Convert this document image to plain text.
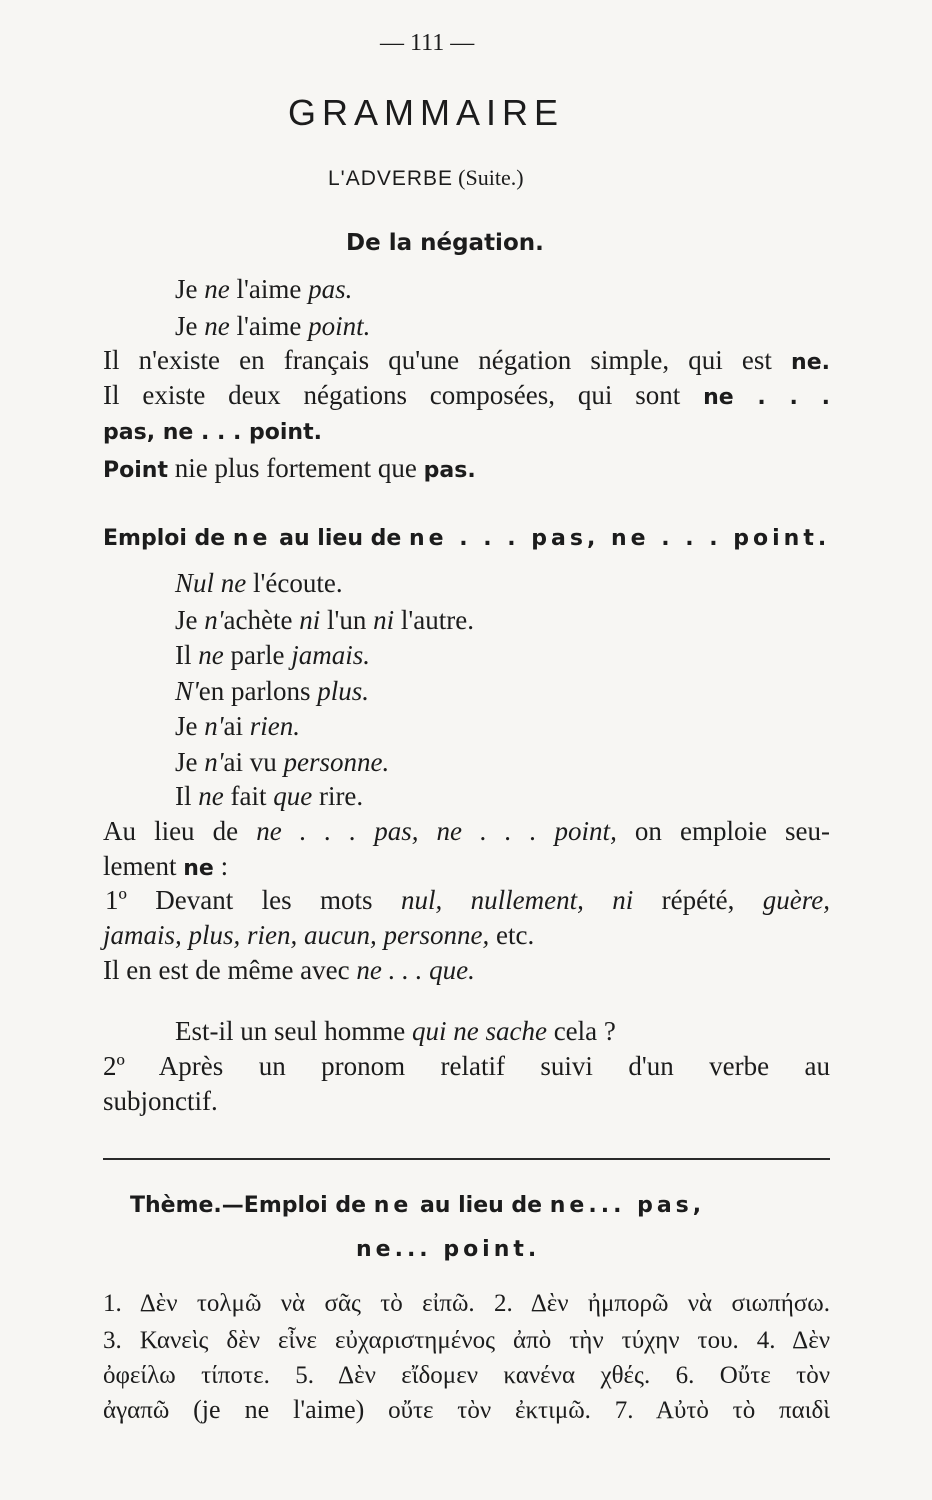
— 111 —
GRAMMAIRE
L'ADVERBE (Suite.)
De la négation.
Je ne l'aime pas.
Je ne l'aime point.
Il n'existe en français qu'une négation simple, qui est ne.
Il existe deux négations composées, qui sont ne . . .
pas, ne . . . point.
Point nie plus fortement que pas.
Emploi de ne au lieu de ne . . . pas, ne . . . point.
Nul ne l'écoute.
Je n'achète ni l'un ni l'autre.
Il ne parle jamais.
N'en parlons plus.
Je n'ai rien.
Je n'ai vu personne.
Il ne fait que rire.
Au lieu de ne . . . pas, ne . . . point, on emploie seu-
lement ne :
1º Devant les mots nul, nullement, ni répété, guère,
jamais, plus, rien, aucun, personne, etc.
Il en est de même avec ne . . . que.
Est-il un seul homme qui ne sache cela ?
2º Après un pronom relatif suivi d'un verbe au
subjonctif.
Thème.—Emploi de ne au lieu de ne... pas,
ne... point.
1. Δὲν τολμῶ νὰ σᾶς τὸ εἰπῶ. 2. Δὲν ἠμπορῶ νὰ σιωπήσω.
3. Κανεὶς δὲν εἶνε εὐχαριστημένος ἀπὸ τὴν τύχην του. 4. Δὲν
ὀφείλω τίποτε. 5. Δὲν εἴδομεν κανένα χθές. 6. Οὔτε τὸν
ἀγαπῶ (je ne l'aime) οὔτε τὸν ἐκτιμῶ. 7. Αὐτὸ τὸ παιδὶ
